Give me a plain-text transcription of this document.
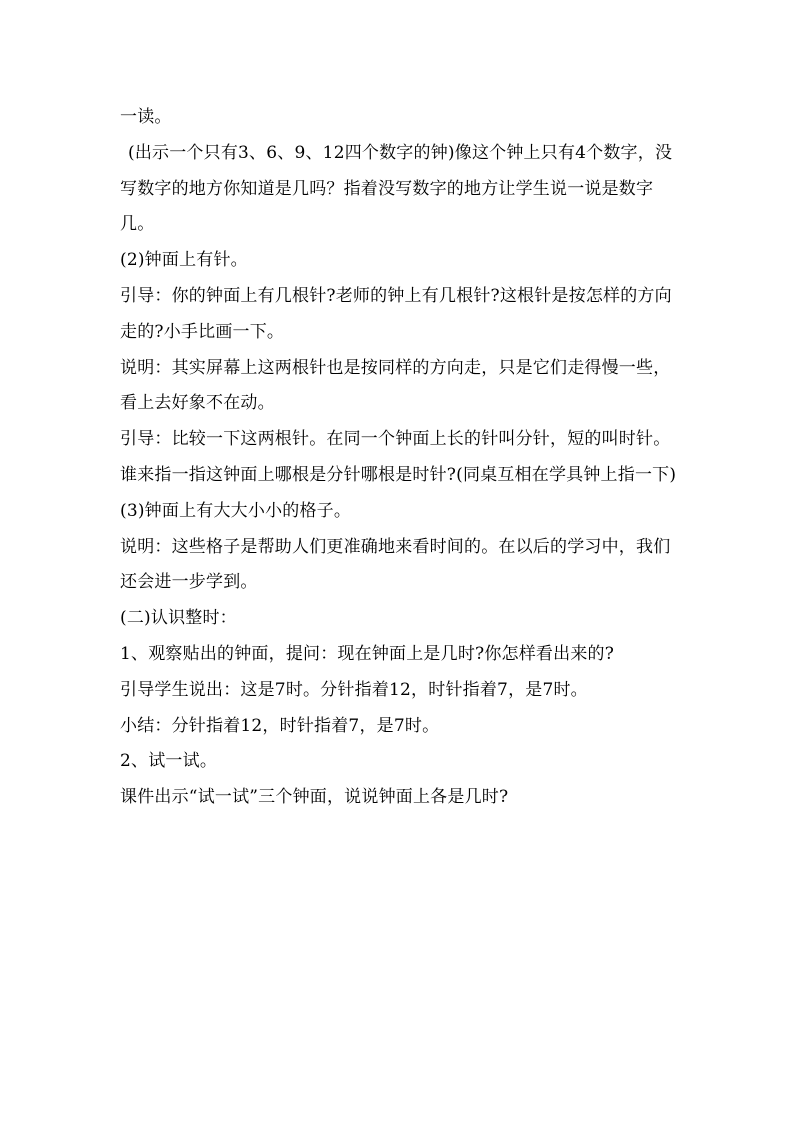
一读。

(出示一个只有3、6、9、12四个数字的钟)像这个钟上只有4个数字，没写数字的地方你知道是几吗？指着没写数字的地方让学生说一说是数字几。

(2)钟面上有针。

引导：你的钟面上有几根针?老师的钟上有几根针?这根针是按怎样的方向走的?小手比画一下。

说明：其实屏幕上这两根针也是按同样的方向走，只是它们走得慢一些，看上去好象不在动。

引导：比较一下这两根针。在同一个钟面上长的针叫分针，短的叫时针。

谁来指一指这钟面上哪根是分针哪根是时针?(同桌互相在学具钟上指一下)

(3)钟面上有大大小小的格子。

说明：这些格子是帮助人们更准确地来看时间的。在以后的学习中，我们还会进一步学到。

(二)认识整时：

1、观察贴出的钟面，提问：现在钟面上是几时?你怎样看出来的?

引导学生说出：这是7时。分针指着12，时针指着7，是7时。

小结：分针指着12，时针指着7，是7时。

2、试一试。

课件出示“试一试”三个钟面，说说钟面上各是几时?
